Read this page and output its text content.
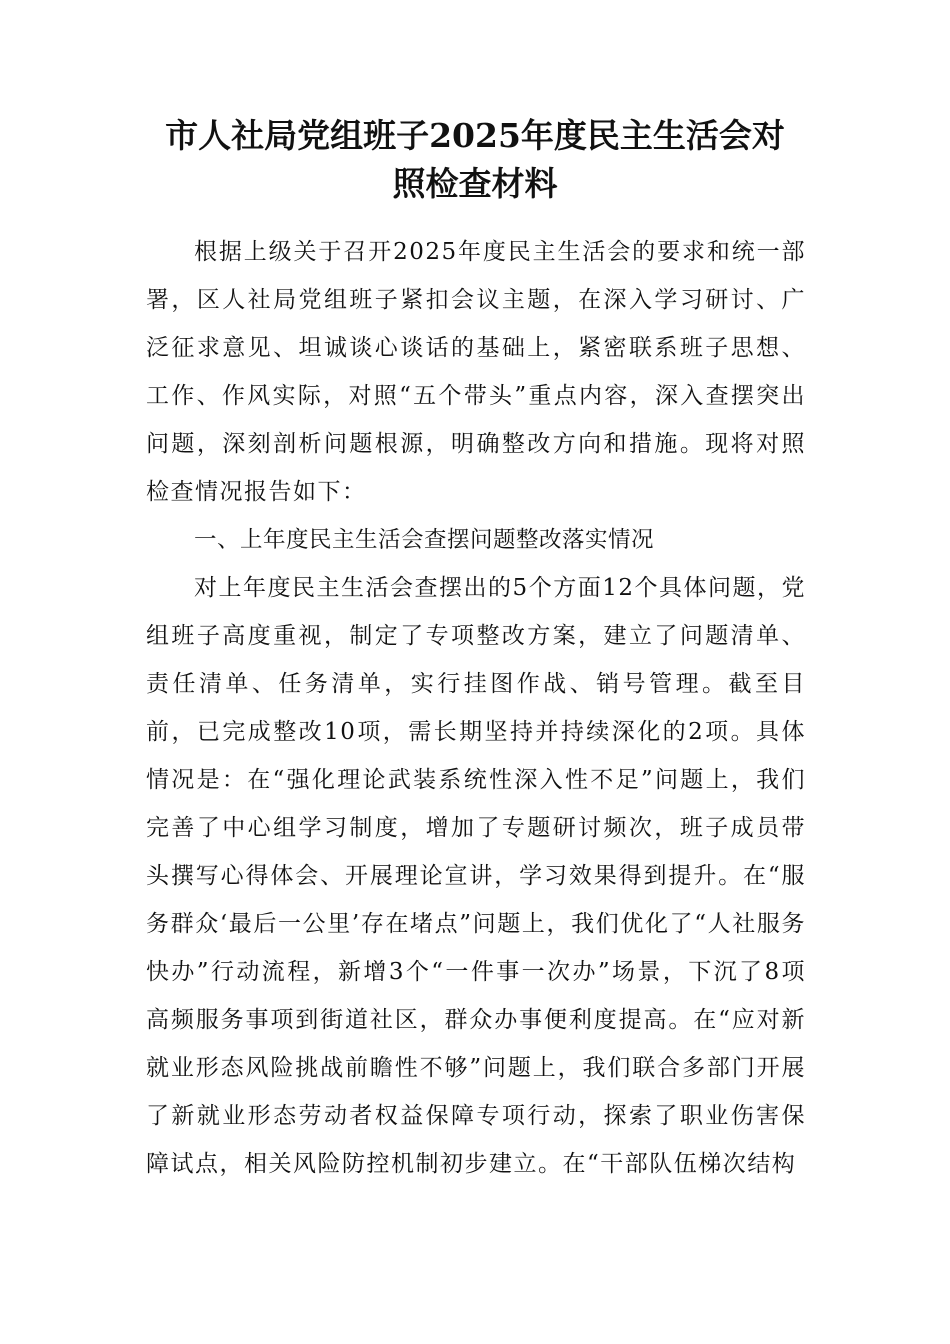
市人社局党组班子2025年度民主生活会对
照检查材料

根据上级关于召开2025年度民主生活会的要求和统一部署，区人社局党组班子紧扣会议主题，在深入学习研讨、广泛征求意见、坦诚谈心谈话的基础上，紧密联系班子思想、工作、作风实际，对照“五个带头”重点内容，深入查摆突出问题，深刻剖析问题根源，明确整改方向和措施。现将对照检查情况报告如下：

一、上年度民主生活会查摆问题整改落实情况

对上年度民主生活会查摆出的5个方面12个具体问题，党组班子高度重视，制定了专项整改方案，建立了问题清单、责任清单、任务清单，实行挂图作战、销号管理。截至目前，已完成整改10项，需长期坚持并持续深化的2项。具体情况是：在“强化理论武装系统性深入性不足”问题上，我们完善了中心组学习制度，增加了专题研讨频次，班子成员带头撰写心得体会、开展理论宣讲，学习效果得到提升。在“服务群众‘最后一公里’存在堵点”问题上，我们优化了“人社服务快办”行动流程，新增3个“一件事一次办”场景，下沉了8项高频服务事项到街道社区，群众办事便利度提高。在“应对新就业形态风险挑战前瞻性不够”问题上，我们联合多部门开展了新就业形态劳动者权益保障专项行动，探索了职业伤害保障试点，相关风险防控机制初步建立。在“干部队伍梯次结构
